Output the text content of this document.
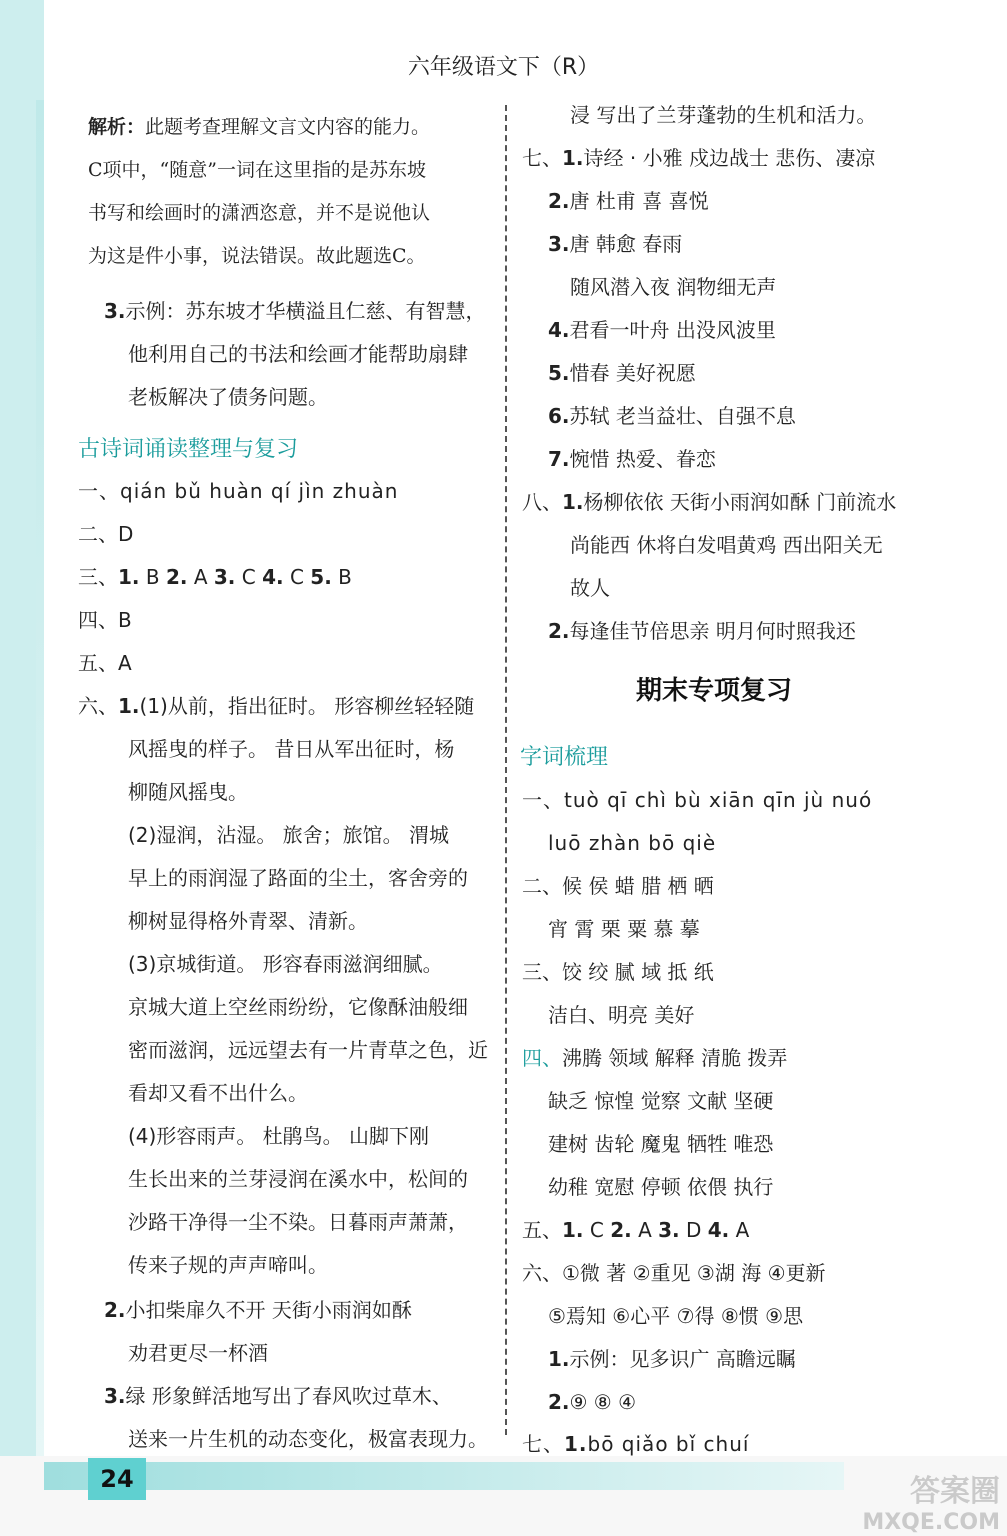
六年级语文下（R）
解析：此题考查理解文言文内容的能力。
C项中，“随意”一词在这里指的是苏东坡
书写和绘画时的潇洒恣意，并不是说他认
为这是件小事，说法错误。故此题选C。
3.示例：苏东坡才华横溢且仁慈、有智慧，
他利用自己的书法和绘画才能帮助扇肆
老板解决了债务问题。
古诗词诵读整理与复习
一、qián bǔ huàn qí jìn zhuàn
二、D
三、1. B 2. A 3. C 4. C 5. B
四、B
五、A
六、1.(1)从前，指出征时。 形容柳丝轻轻随
风摇曳的样子。 昔日从军出征时，杨
柳随风摇曳。
(2)湿润，沾湿。 旅舍；旅馆。 渭城
早上的雨润湿了路面的尘土，客舍旁的
柳树显得格外青翠、清新。
(3)京城街道。 形容春雨滋润细腻。
京城大道上空丝雨纷纷，它像酥油般细
密而滋润，远远望去有一片青草之色，近
看却又看不出什么。
(4)形容雨声。 杜鹃鸟。 山脚下刚
生长出来的兰芽浸润在溪水中，松间的
沙路干净得一尘不染。日暮雨声萧萧，
传来子规的声声啼叫。
2.小扣柴扉久不开 天街小雨润如酥
劝君更尽一杯酒
3.绿 形象鲜活地写出了春风吹过草木、
送来一片生机的动态变化，极富表现力。
浸 写出了兰芽蓬勃的生机和活力。
七、1.诗经 · 小雅 戍边战士 悲伤、凄凉
2.唐 杜甫 喜 喜悦
3.唐 韩愈 春雨
随风潜入夜 润物细无声
4.君看一叶舟 出没风波里
5.惜春 美好祝愿
6.苏轼 老当益壮、自强不息
7.惋惜 热爱、眷恋
八、1.杨柳依依 天街小雨润如酥 门前流水
尚能西 休将白发唱黄鸡 西出阳关无
故人
2.每逢佳节倍思亲 明月何时照我还
期末专项复习
字词梳理
一、tuò qī chì bù xiān qīn jù nuó
luō zhàn bō qiè
二、候 侯 蜡 腊 栖 晒
宵 霄 栗 粟 慕 摹
三、饺 绞 腻 域 抵 纸
洁白、明亮 美好
四、沸腾 领域 解释 清脆 拨弄
缺乏 惊惶 觉察 文献 坚硬
建树 齿轮 魔鬼 牺牲 唯恐
幼稚 宽慰 停顿 依偎 执行
五、1. C 2. A 3. D 4. A
六、①微 著 ②重见 ③湖 海 ④更新
⑤焉知 ⑥心平 ⑦得 ⑧惯 ⑨思
1.示例：见多识广 高瞻远瞩
2.⑨ ⑧ ④
七、1.bō qiǎo bǐ chuí
24	答案圈
MXQE.COM
